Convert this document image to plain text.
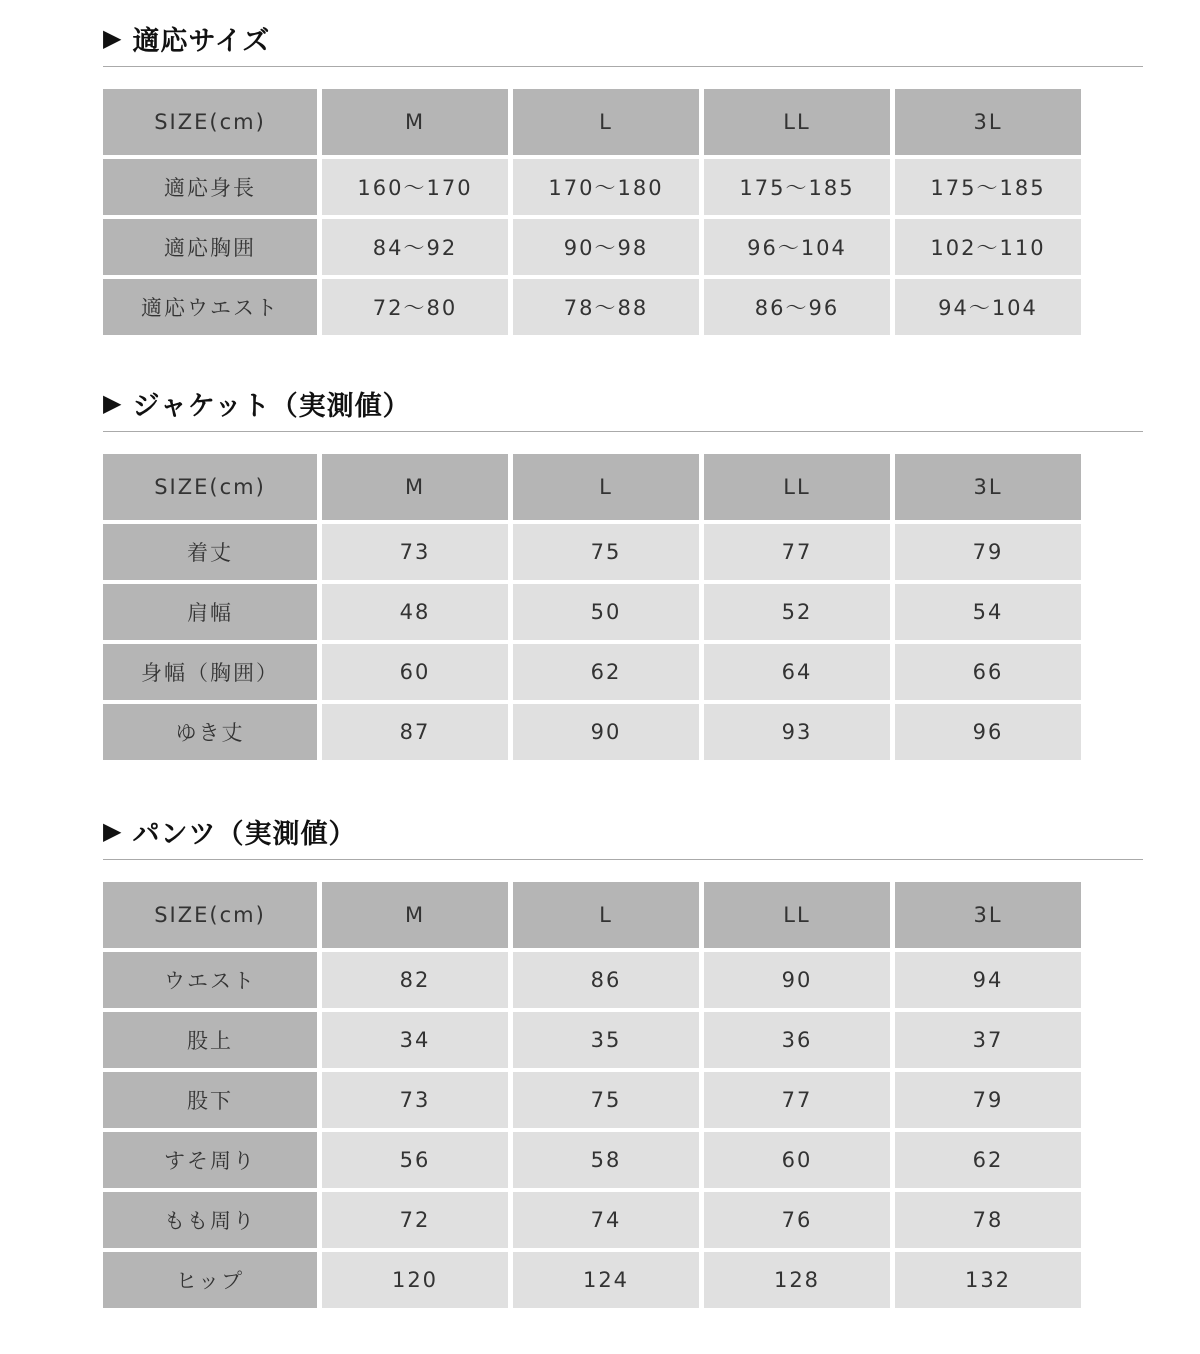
▶ 適応サイズ
SIZE(cm)	M	L	LL	3L
適応身長	160～170	170～180	175～185	175～185
適応胸囲	84～92	90～98	96～104	102～110
適応ウエスト	72～80	78～88	86～96	94～104
▶ ジャケット（実測値）
SIZE(cm)	M	L	LL	3L
着丈	73	75	77	79
肩幅	48	50	52	54
身幅（胸囲）	60	62	64	66
ゆき丈	87	90	93	96
▶ パンツ（実測値）
SIZE(cm)	M	L	LL	3L
ウエスト	82	86	90	94
股上	34	35	36	37
股下	73	75	77	79
すそ周り	56	58	60	62
もも周り	72	74	76	78
ヒップ	120	124	128	132
